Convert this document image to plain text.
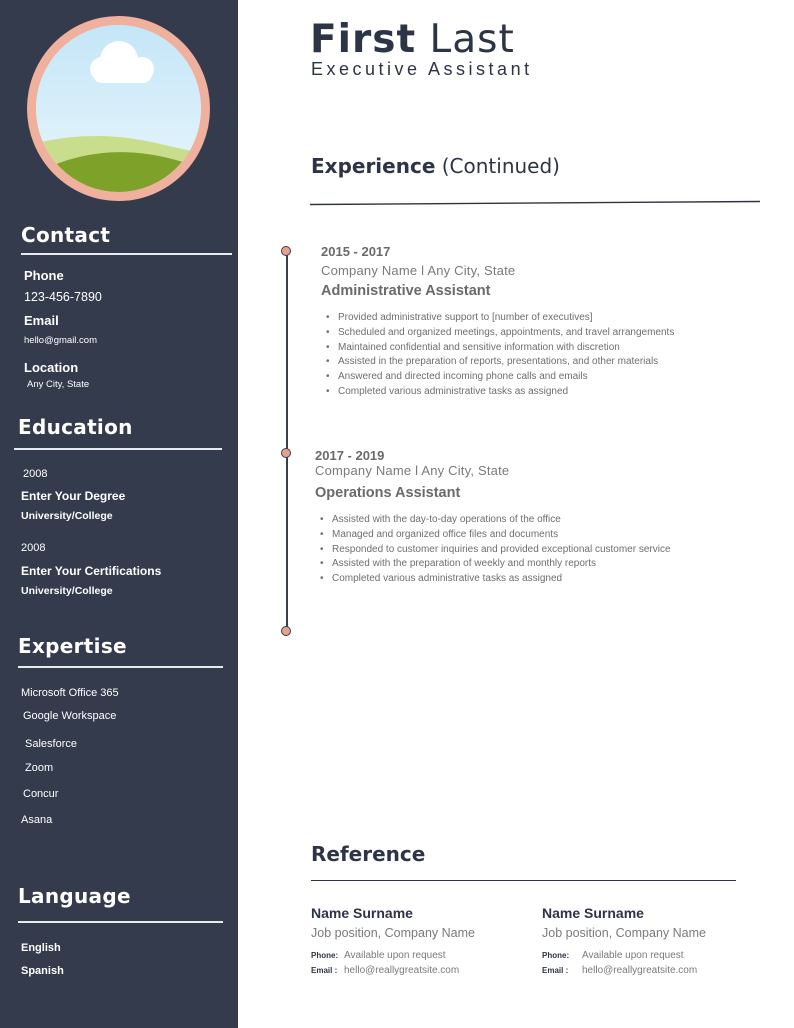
Contact
Phone
123-456-7890
Email
hello@gmail.com
Location
Any City, State
Education
2008
Enter Your Degree
University/College
2008
Enter Your Certifications
University/College
Expertise
Microsoft Office 365
Google Workspace
Salesforce
Zoom
Concur
Asana
Language
English
Spanish
First Last
Executive Assistant
Experience (Continued)
2015 - 2017
Company Name l Any City, State
Administrative Assistant
• Provided administrative support to [number of executives]
• Scheduled and organized meetings, appointments, and travel arrangements
• Maintained confidential and sensitive information with discretion
• Assisted in the preparation of reports, presentations, and other materials
• Answered and directed incoming phone calls and emails
• Completed various administrative tasks as assigned
2017 - 2019
Company Name l Any City, State
Operations Assistant
• Assisted with the day-to-day operations of the office
• Managed and organized office files and documents
• Responded to customer inquiries and provided exceptional customer service
• Assisted with the preparation of weekly and monthly reports
• Completed various administrative tasks as assigned
Reference
Name Surname
Job position, Company Name
Phone: Available upon request
Email : hello@reallygreatsite.com
Name Surname
Job position, Company Name
Phone: Available upon request
Email : hello@reallygreatsite.com
